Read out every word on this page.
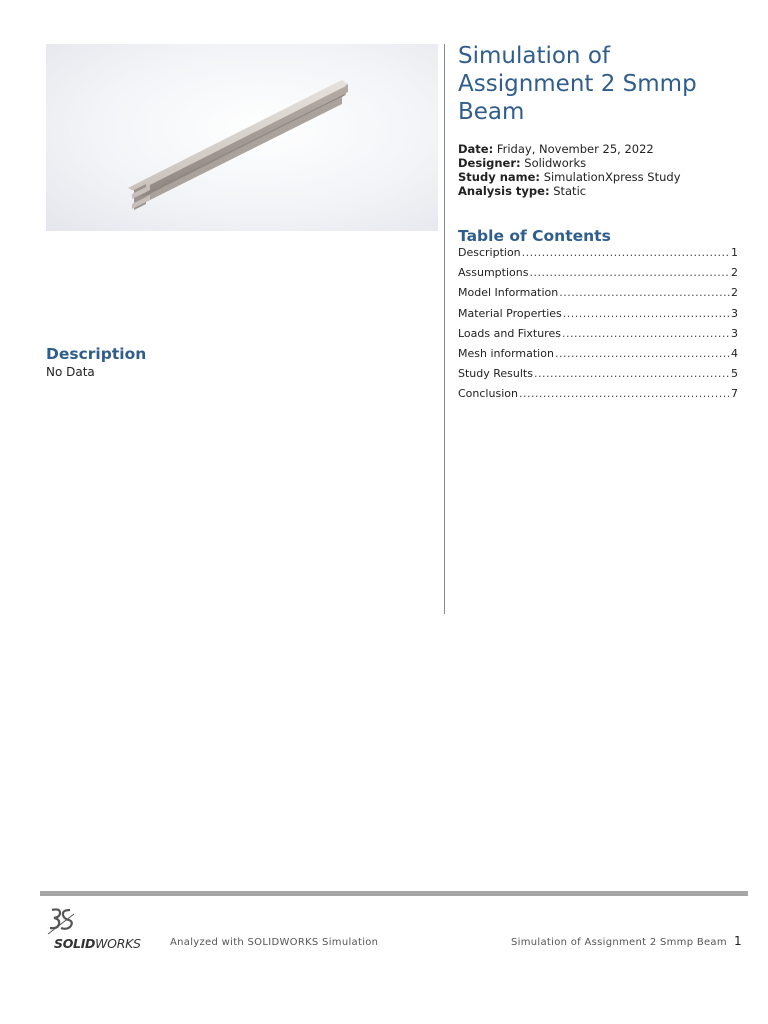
Simulation of Assignment 2 Smmp Beam
Date: Friday, November 25, 2022
Designer: Solidworks
Study name: SimulationXpress Study
Analysis type: Static
Table of Contents
Description .....	1
Assumptions .....	2
Model Information .....	2
Material Properties .....	3
Loads and Fixtures .....	3
Mesh information .....	4
Study Results .....	5
Conclusion .....	7
Description
No Data
SOLIDWORKS	Analyzed with SOLIDWORKS Simulation	Simulation of Assignment 2 Smmp Beam 1
